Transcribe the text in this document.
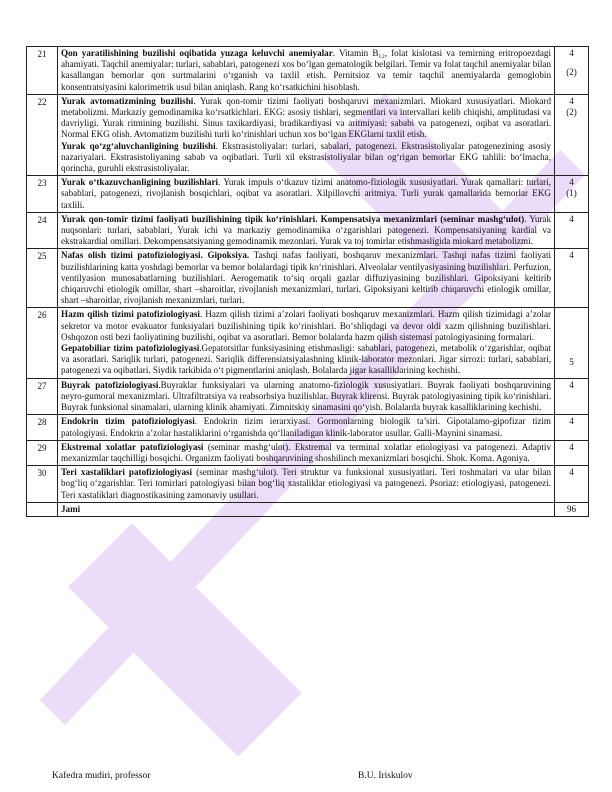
21	Qon yaratilishining buzilishi oqibatida yuzaga keluvchi anemiyalar. Vitamin B₁₂, folat kislotasi va temirning eritropoezdagi ahamiyati. Taqchil anemiyalar: turlari, sabablari, patogenezi xos bo‘lgan gematologik belgilari. Temir va folat taqchil anemiyalar bilan kasallangan bemorlar qon surtmalarini o‘rganish va taxlil etish. Pernitsioz va temir taqchil anemiyalarda gemoglobin konsentratsiyasini kalorimetrik usul bilan aniqlash. Rang ko‘rsatkichini hisoblash.	4
(2)

22	Yurak avtomatizmining buzilishi. Yurak qon-tomir tizimi faoliyati boshqaruvi mexanizmlari. Miokard xususiyatlari. Miokard metabolizmi. Markaziy gemodinamika ko‘rsatkichlari. EKG: asosiy tishlari, segmentlari va intervallari kelib chiqishi, amplitudasi va davriyligi. Yurak ritmining buzilishi. Sinus taxikardiyasi, bradikardiyasi va aritmiyasi: sababi va patogenezi, oqibat va asoratlari. Normal EKG olish. Avtomatizm buzilishi turli ko‘rinishlari uchun xos bo‘lgan EKGlarni taxlil etish.
Yurak qo‘zg‘aluvchanligining buzilishi. Ekstrasistoliyalar: turlari, sabalari, patogenezi. Ekstrasistoliyalar patogenezining asosiy nazariyalari. Ekstrasistoliyaning sabab va oqibatlari. Turli xil ekstrasistoliyalar bilan og‘rigan bemorlar EKG tahlili: bo‘lmacha, qorincha, guruhli ekstrasistoliyalar.	4
(2)

23	Yurak o‘tkazuvchanligining buzilishlari. Yurak impuls o‘tkazuv tizimi anatomo-fiziologik xususiyatlari. Yurak qamallari: turlari, sabablari, patogenezi, rivojlanish bosqichlari, oqibat va asoratlari. Xilpillovchi aritmiya. Turli yurak qamallarida bemorlar EKG taxlili.	4
(1)

24	Yurak qon-tomir tizimi faoliyati buzilishining tipik ko‘rinishlari. Kompensatsiya mexanizmlari (seminar mashg‘ulot). Yurak nuqsonlari: turlari, sabablari, Yurak ichi va markaziy gemodinamika o‘zgarishlari patogenezi. Kompensatsiyaning kardial va ekstrakardial omillari. Dekompensatsiyaning gemodinamik mezonlari. Yurak va toj tomirlar etishmasligida miokard metabolizmi.	4

25	Nafas olish tizimi patofiziologiyasi. Gipoksiya. Tashqi nafas faoliyati, boshqaruv mexanizmlari. Tashqi nafas tizimi faoliyati buzilishlarining katta yoshdagi bemorlar va bemor bolalardagi tipik ko‘rinishlari. Alveolalar ventilyasiyasining buzilishlari. Perfuzion, ventilyasion munosabatlarning buzilishlari. Aerogematik to‘siq orqali gazlar diffuziyasining buzilishlari. Gipoksiyani keltirib chiqaruvchi etiologik omillar, shart –sharoitlar, rivojlanish mexanizmlari, turlari. Gipoksiyani keltirib chiqaruvchi etiologik omillar, shart –sharoitlar, rivojlanish mexanizmlari, turlari.	4

26	Hazm qilish tizimi patofiziologiyasi. Hazm qilish tizimi a’zolari faoliyati boshqaruv mexanizmlari. Hazm qilish tizimidagi a’zolar sekretor va motor evakuator funksiyalari buzilishining tipik ko‘rinishlari. Bo‘shliqdagi va devor oldi xazm qilishning buzilishlari. Oshqozon osti bezi faoliyatining buzilishi, oqibat va asoratlari. Bemor bolalarda hazm qilish sistemasi patologiyasining formalari.
Gepatobiliar tizim patofiziologiyasi.Gepatotsitlar funksiyasining etishmasligi: sabablari, patogenezi, metabolik o‘zgarishlar, oqibat va asoratlari. Sariqlik turlari, patogenezi. Sariqlik differensiatsiyalashning klinik-laborator mezonlari. Jigar sirrozi: turlari, sabablari, patogenezi va oqibatlari. Siydik tarkibida o‘t pigmentlarini aniqlash. Bolalarda jigar kasalliklarining kechishi.	5

27	Buyrak patofiziologiyasi.Buyraklar funksiyalari va ularning anatomo-fiziologik xususiyatlari. Buyrak faoliyati boshqaruvining neyro-gumoral mexanizmlari. Ultrafiltratsiya va reabsorbsiya buzilishlar. Buyrak klirensi. Buyrak patologiyasining tipik ko‘rinishlari. Buyrak funksional sinamalari, ularning klinik ahamiyati. Zimnitskiy sinamasini qo‘yish. Bolalarda buyrak kasalliklarining kechishi.	4

28	Endokrin tizim patofiziologiyasi. Endokrin tizim ierarxiyasi. Gormonlarning biologik ta’siri. Gipotalamo-gipofizar tizim patologiyasi. Endokrin a’zolar hastaliklarini o‘rganishda qo‘llaniladigan klinik-laborator usullar. Galli-Maynini sinamasi.	4

29	Ekstremal xolatlar patofiziologiyasi (seminar mashg‘ulot). Ekstremal va terminal xolatlar etiologiyasi va patogenezi. Adaptiv mexanizmlar taqchilligi bosqichi. Organizm faoliyati boshqaruvining shoshilinch mexanizmlari bosqichi. Shok. Koma. Agoniya.	4

30	Teri xastaliklari patofiziologiyasi (seminar mashg‘ulot). Teri struktur va funksional xususiyatlari. Teri toshmalari va ular bilan bog‘liq o‘zgarishlar. Teri tomirlari patologiyasi bilan bog‘liq xastaliklar etiologiyasi va patogenezi. Psoriaz: etiologiyasi, patogenezi. Teri xastaliklari diagnostikasining zamonaviy usullari.	4

	Jami	96
Kafedra mudiri, professor	B.U. Iriskulov
